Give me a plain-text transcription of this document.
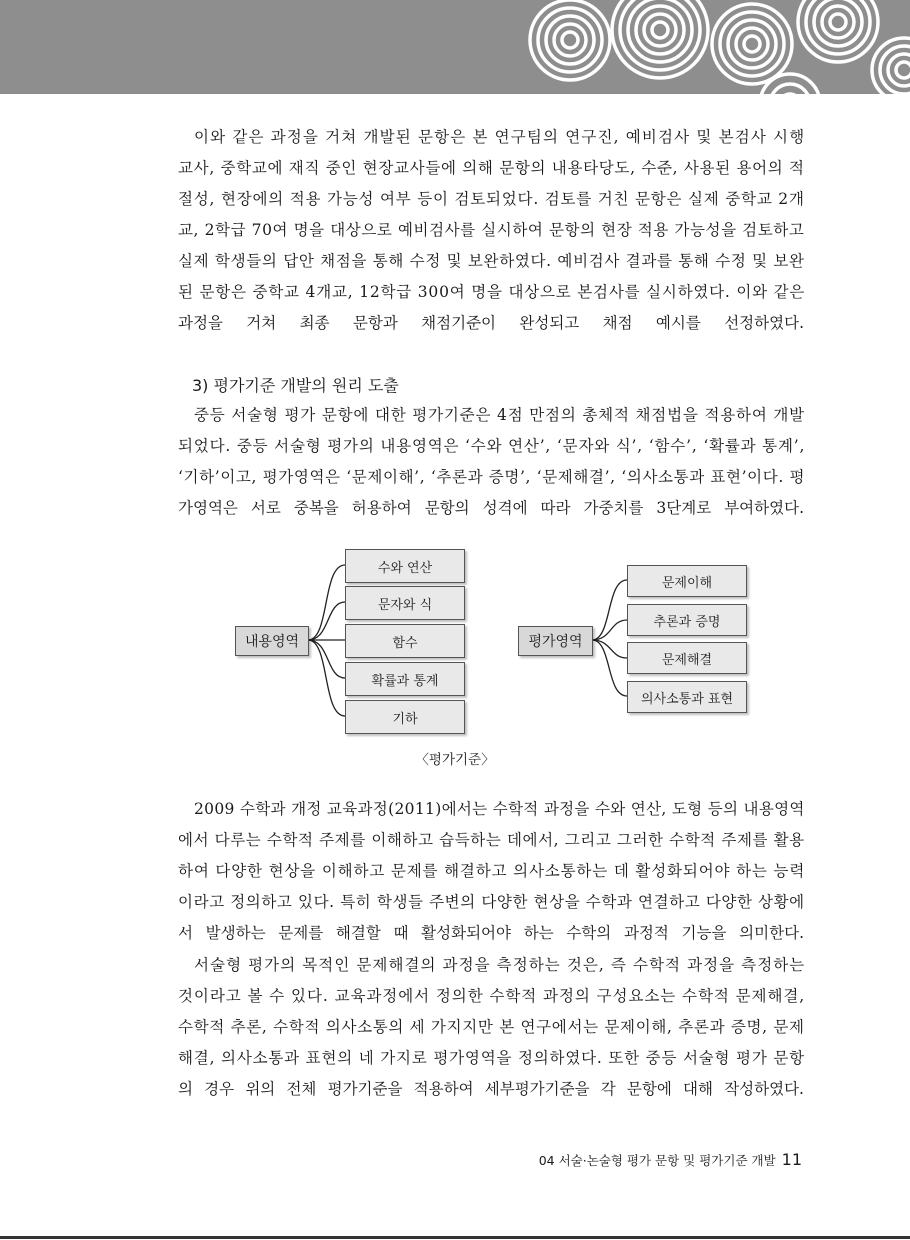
이와 같은 과정을 거쳐 개발된 문항은 본 연구팀의 연구진, 예비검사 및 본검사 시행
교사, 중학교에 재직 중인 현장교사들에 의해 문항의 내용타당도, 수준, 사용된 용어의 적
절성, 현장에의 적용 가능성 여부 등이 검토되었다. 검토를 거친 문항은 실제 중학교 2개
교, 2학급 70여 명을 대상으로 예비검사를 실시하여 문항의 현장 적용 가능성을 검토하고
실제 학생들의 답안 채점을 통해 수정 및 보완하였다. 예비검사 결과를 통해 수정 및 보완
된 문항은 중학교 4개교, 12학급 300여 명을 대상으로 본검사를 실시하였다. 이와 같은
과정을 거쳐 최종 문항과 채점기준이 완성되고 채점 예시를 선정하였다.
3) 평가기준 개발의 원리 도출
중등 서술형 평가 문항에 대한 평가기준은 4점 만점의 총체적 채점법을 적용하여 개발
되었다. 중등 서술형 평가의 내용영역은 ‘수와 연산’, ‘문자와 식’, ‘함수’, ‘확률과 통계’,
‘기하’이고, 평가영역은 ‘문제이해’, ‘추론과 증명’, ‘문제해결’, ‘의사소통과 표현’이다. 평
가영역은 서로 중복을 허용하여 문항의 성격에 따라 가중치를 3단계로 부여하였다.
내용영역
수와 연산
문자와 식
함수
확률과 통계
기하
평가영역
문제이해
추론과 증명
문제해결
의사소통과 표현
〈평가기준〉
2009 수학과 개정 교육과정(2011)에서는 수학적 과정을 수와 연산, 도형 등의 내용영역
에서 다루는 수학적 주제를 이해하고 습득하는 데에서, 그리고 그러한 수학적 주제를 활용
하여 다양한 현상을 이해하고 문제를 해결하고 의사소통하는 데 활성화되어야 하는 능력
이라고 정의하고 있다. 특히 학생들 주변의 다양한 현상을 수학과 연결하고 다양한 상황에
서 발생하는 문제를 해결할 때 활성화되어야 하는 수학의 과정적 기능을 의미한다.
서술형 평가의 목적인 문제해결의 과정을 측정하는 것은, 즉 수학적 과정을 측정하는
것이라고 볼 수 있다. 교육과정에서 정의한 수학적 과정의 구성요소는 수학적 문제해결,
수학적 추론, 수학적 의사소통의 세 가지지만 본 연구에서는 문제이해, 추론과 증명, 문제
해결, 의사소통과 표현의 네 가지로 평가영역을 정의하였다. 또한 중등 서술형 평가 문항
의 경우 위의 전체 평가기준을 적용하여 세부평가기준을 각 문항에 대해 작성하였다.
04 서술·논술형 평가 문항 및 평가기준 개발 11
